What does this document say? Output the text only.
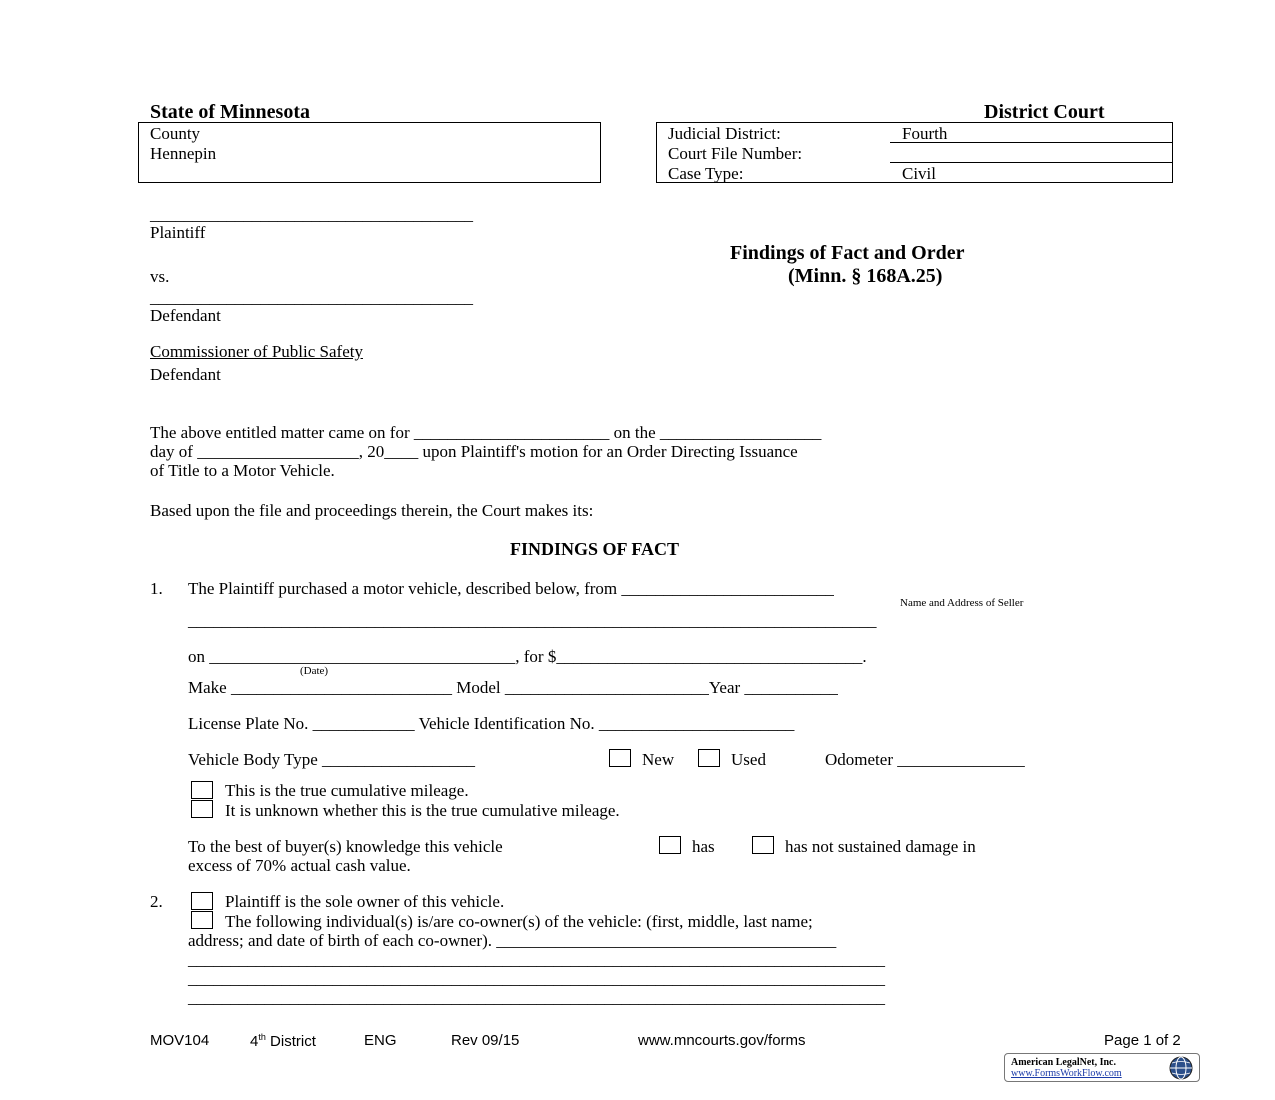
State of Minnesota	District Court
County
Hennepin
Judicial District:	Fourth
Court File Number:
Case Type:	Civil
______________________________________
Plaintiff
vs.
______________________________________
Defendant
Commissioner of Public Safety
Defendant
Findings of Fact and Order
(Minn. § 168A.25)
The above entitled matter came on for _______________________ on the ___________________
day of ___________________, 20____ upon Plaintiff's motion for an Order Directing Issuance
of Title to a Motor Vehicle.
Based upon the file and proceedings therein, the Court makes its:
FINDINGS OF FACT
1. The Plaintiff purchased a motor vehicle, described below, from _________________________
Name and Address of Seller
_________________________________________________________________________________
on ____________________________________, for $____________________________________.
(Date)
Make __________________________ Model ________________________Year ___________
License Plate No. ____________ Vehicle Identification No. _______________________
Vehicle Body Type __________________	New	Used	Odometer _______________
This is the true cumulative mileage.
It is unknown whether this is the true cumulative mileage.
To the best of buyer(s) knowledge this vehicle	has	has not sustained damage in
excess of 70% actual cash value.
2.	Plaintiff is the sole owner of this vehicle.
The following individual(s) is/are co-owner(s) of the vehicle: (first, middle, last name;
address; and date of birth of each co-owner). ________________________________________
__________________________________________________________________________________
__________________________________________________________________________________
__________________________________________________________________________________
MOV104	4th District	ENG	Rev 09/15	www.mncourts.gov/forms	Page 1 of 2
American LegalNet, Inc.
www.FormsWorkFlow.com
